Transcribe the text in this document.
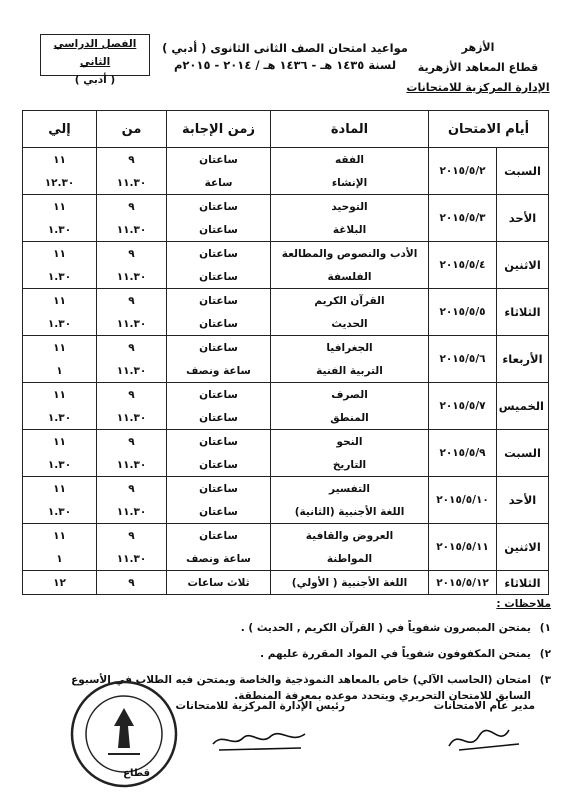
الأزهر
قطاع المعاهد الأزهرية
الإدارة المركزية للامتحانات
مواعيد امتحان الصف الثانى الثانوى ( أدبي )
لسنة ١٤٣٥ هـ - ١٤٣٦ هـ / ٢٠١٤ - ٢٠١٥م
الفصل الدراسي الثاني
( أدبي )
أيام الامتحان		المادة	زمن الإجابة	من	إلي
السبت	٢٠١٥/٥/٢	الفقه	ساعتان	٩	١١
		الإنشاء	ساعة	١١.٣٠	١٢.٣٠
الأحد	٢٠١٥/٥/٣	التوحيد	ساعتان	٩	١١
		البلاغة	ساعتان	١١.٣٠	١.٣٠
الاثنين	٢٠١٥/٥/٤	الأدب والنصوص والمطالعة	ساعتان	٩	١١
		الفلسفة	ساعتان	١١.٣٠	١.٣٠
الثلاثاء	٢٠١٥/٥/٥	القرآن الكريم	ساعتان	٩	١١
		الحديث	ساعتان	١١.٣٠	١.٣٠
الأربعاء	٢٠١٥/٥/٦	الجغرافيا	ساعتان	٩	١١
		التربية الفنية	ساعة ونصف	١١.٣٠	١
الخميس	٢٠١٥/٥/٧	الصرف	ساعتان	٩	١١
		المنطق	ساعتان	١١.٣٠	١.٣٠
السبت	٢٠١٥/٥/٩	النحو	ساعتان	٩	١١
		التاريخ	ساعتان	١١.٣٠	١.٣٠
الأحد	٢٠١٥/٥/١٠	التفسير	ساعتان	٩	١١
		اللغة الأجنبية (الثانية)	ساعتان	١١.٣٠	١.٣٠
الاثنين	٢٠١٥/٥/١١	العروض والقافية	ساعتان	٩	١١
		المواطنة	ساعة ونصف	١١.٣٠	١
الثلاثاء	٢٠١٥/٥/١٢	اللغة الأجنبية ( الأولي)	ثلاث ساعات	٩	١٢
ملاحظات :
١)
يمتحن المبصرون شفوياً في ( القرآن الكريم , الحديث ) .
٢)
يمتحن المكفوفون شفوياً في المواد المقررة عليهم .
٣)
امتحان (الحاسب الآلي) خاص بالمعاهد النموذجية والخاصة ويمتحن فيه الطلاب في الأسبوع السابق للامتحان التحريري ويتحدد موعده بمعرفة المنطقة.
مدير عام الامتحانات
رئيس الإدارة المركزية للامتحانات
قطاع
